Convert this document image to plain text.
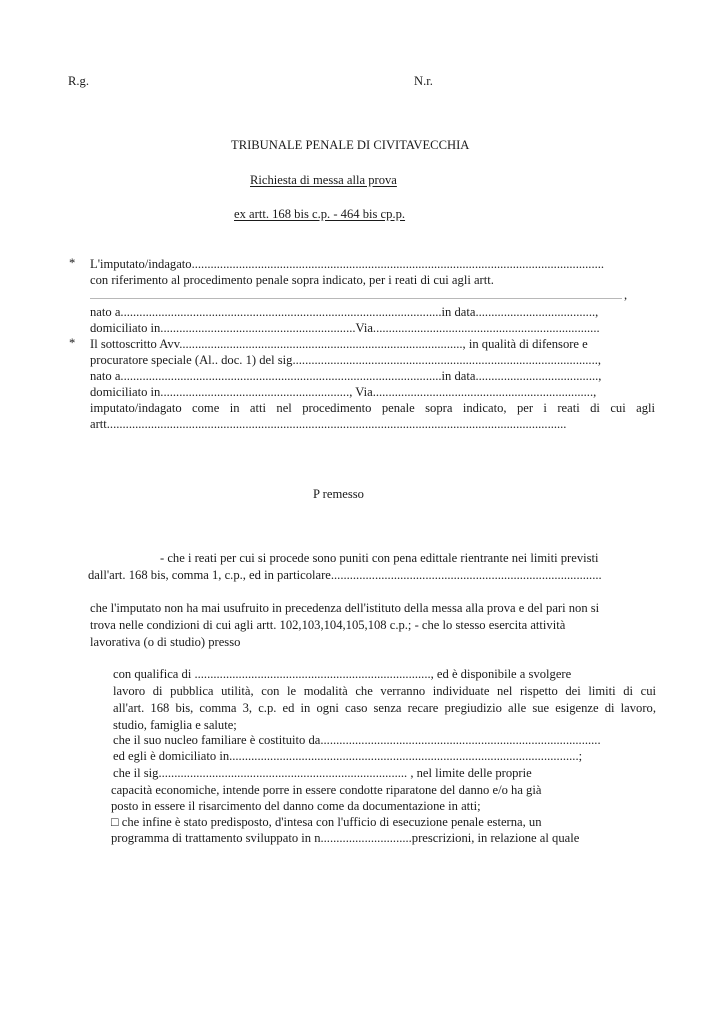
R.g.	N.r.
TRIBUNALE PENALE DI CIVITAVECCHIA
Richiesta di messa alla prova
ex artt. 168 bis c.p. - 464 bis cp.p.
* L'imputato/indagato...................................................................................................................................
con riferimento al procedimento penale sopra indicato, per i reati di cui agli artt.
,
nato a......................................................................................................in data......................................,
domiciliato in..............................................................Via........................................................................
* Il sottoscritto Avv.........................................................................................., in qualità di difensore e
procuratore speciale (Al.. doc. 1) del sig.................................................................................................,
nato a......................................................................................................in data.......................................,
domiciliato in............................................................, Via......................................................................,
imputato/indagato come in atti nel procedimento penale sopra indicato, per i reati di cui agli
artt..................................................................................................................................................
P remesso
- che i reati per cui si procede sono puniti con pena edittale rientrante nei limiti previsti
dall'art. 168 bis, comma 1, c.p., ed in particolare......................................................................................
che l'imputato non ha mai usufruito in precedenza dell'istituto della messa alla prova e del pari non si
trova nelle condizioni di cui agli artt. 102,103,104,105,108 c.p.; - che lo stesso esercita attività
lavorativa (o di studio) presso
con qualifica di ..........................................................................., ed è disponibile a svolgere
lavoro di pubblica utilità, con le modalità che verranno individuate nel rispetto dei limiti di cui
all'art. 168 bis, comma 3, c.p. ed in ogni caso senza recare pregiudizio alle sue esigenze di lavoro,
studio, famiglia e salute;
che il suo nucleo familiare è costituito da.........................................................................................
ed egli è domiciliato in...............................................................................................................;
che il sig............................................................................... , nel limite delle proprie
capacità economiche, intende porre in essere condotte riparatone del danno e/o ha già
posto in essere il risarcimento del danno come da documentazione in atti;
□ che infine è stato predisposto, d'intesa con l'ufficio di esecuzione penale esterna, un
programma di trattamento sviluppato in n.............................prescrizioni, in relazione al quale
